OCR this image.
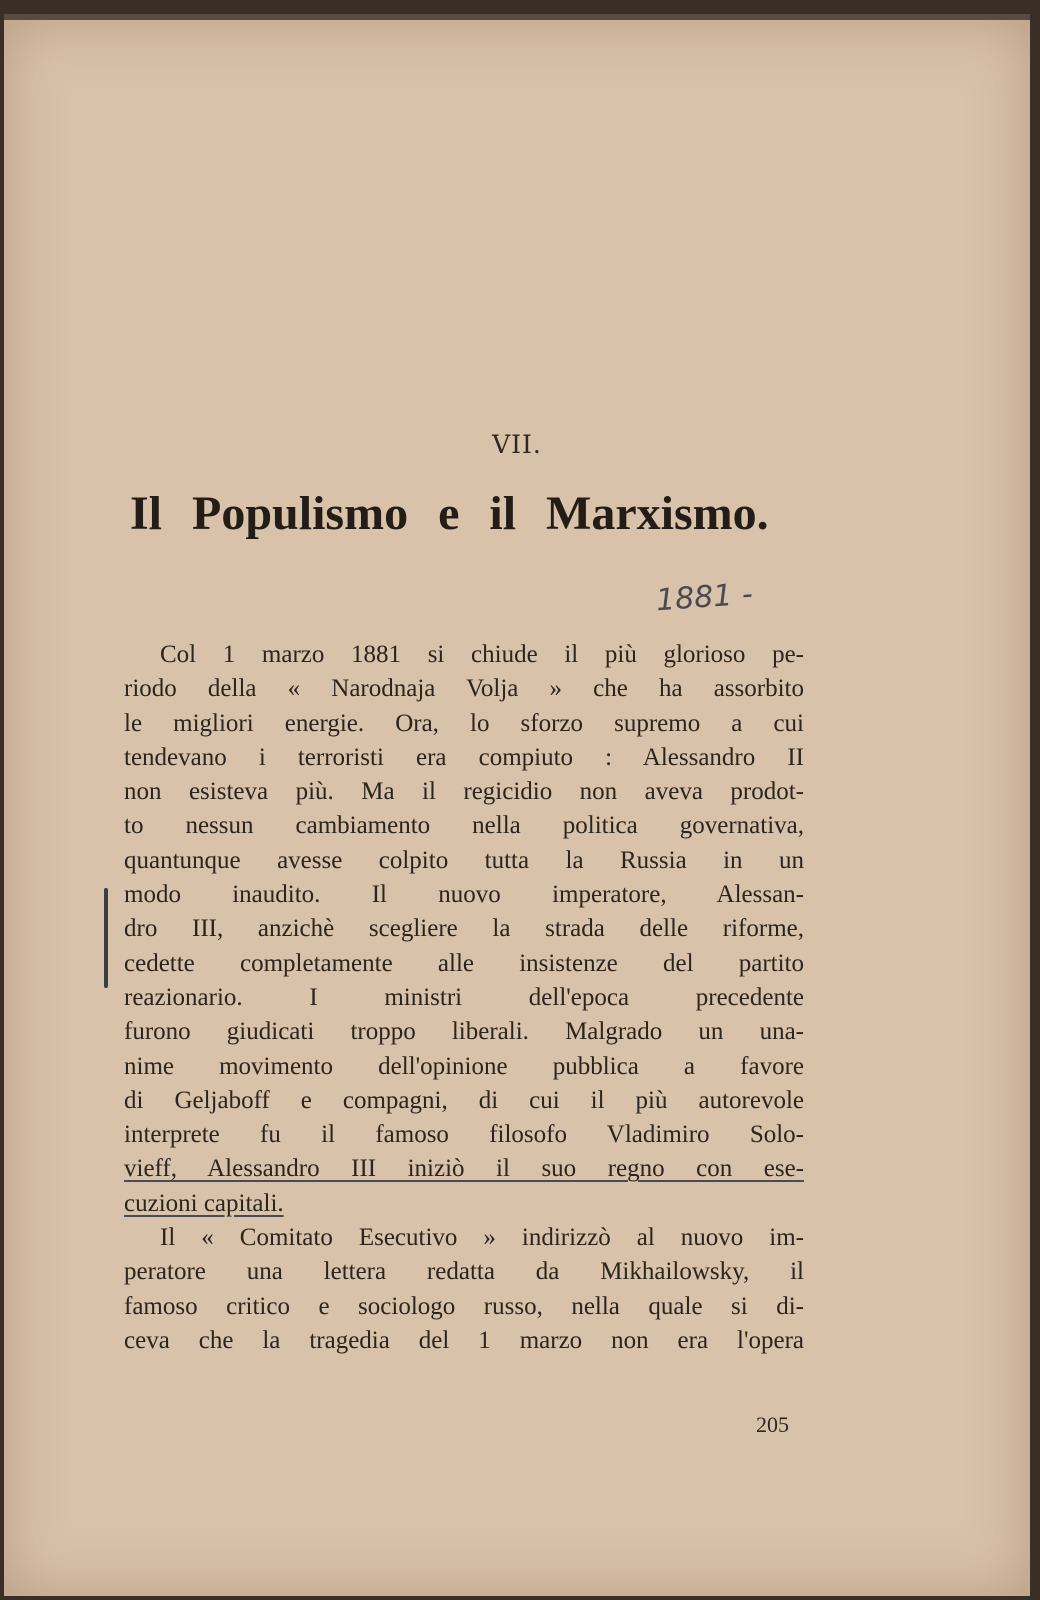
VII.
Il Populismo e il Marxismo.
1881 -
Col 1 marzo 1881 si chiude il più glorioso pe-
riodo della « Narodnaja Volja » che ha assorbito
le migliori energie. Ora, lo sforzo supremo a cui
tendevano i terroristi era compiuto : Alessandro II
non esisteva più. Ma il regicidio non aveva prodot-
to nessun cambiamento nella politica governativa,
quantunque avesse colpito tutta la Russia in un
modo inaudito. Il nuovo imperatore, Alessan-
dro III, anzichè scegliere la strada delle riforme,
cedette completamente alle insistenze del partito
reazionario. I ministri dell'epoca precedente
furono giudicati troppo liberali. Malgrado un una-
nime movimento dell'opinione pubblica a favore
di Geljaboff e compagni, di cui il più autorevole
interprete fu il famoso filosofo Vladimiro Solo-
vieff, Alessandro III iniziò il suo regno con ese-
cuzioni capitali.
Il « Comitato Esecutivo » indirizzò al nuovo im-
peratore una lettera redatta da Mikhailowsky, il
famoso critico e sociologo russo, nella quale si di-
ceva che la tragedia del 1 marzo non era l'opera
205
